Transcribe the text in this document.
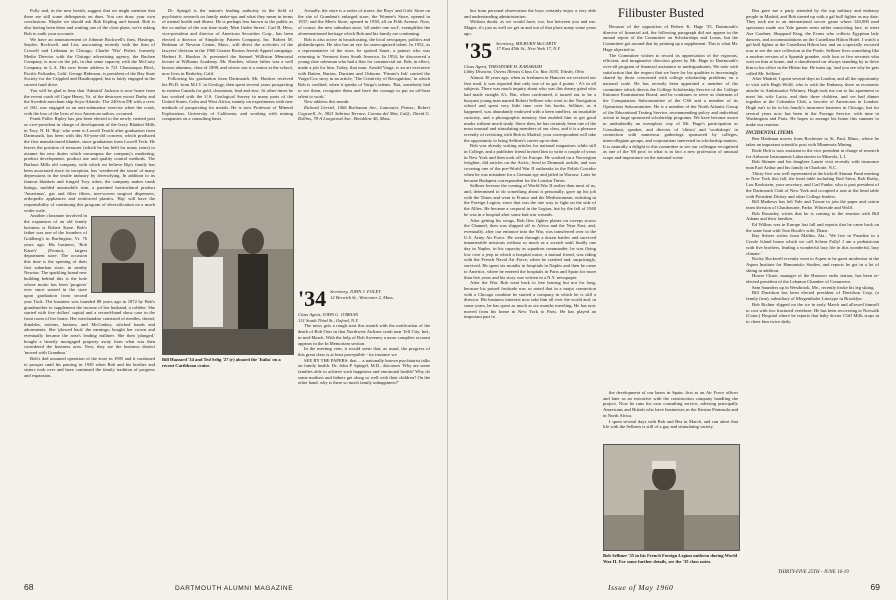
Polly and, in the next breath, suggest that we might mention that there are still some delinquents on dues. You can draw your own conclusions. Maybe we should ask Bob Kipling and hound. Bob is also having been there and waiting one of the close plans, we're asking Bob to audit your accounts.

We have an announcement of Johnnie Rockwell's firm, Hastings, Snyder, Rockwell, and List, associating recently with the firm of Crowell and Leibman in Chicago. Charlie 'Wiz' Fisher, formerly Media Director with the Chicago advertising agency, the Buchen Company, is now on the job, in that same capacity with the McCarty Company in L.A. His new home address is 721 Chautauqua Blvd., Pacific Palisades, Calif. George Ridenour, is president of the Bay State Society for the Crippled and Handicapped, but is fairly engaged in the current fund drive.

You will be glad to hear that 'Admiral' Jackson is now home from the recent crash off Cape Henry, Va. of the destroyer escort Darby and the Swedish merchant ship Soya-Atlantic. The 240-ton DE with a crew of 160, was engaged in an anti-submarine exercise when the crash, with the loss of the lives of two American sailors, occurred.

Frank Fuller Ripley has just been elected to the newly created post as vice-president in charge of development of the Ivory Blanket Mills in Troy, N. H. 'Rip', who went to Lowell Textile after graduation from Dartmouth, has been with this 94-year-old concern, which produced the first manufactured blanket, since graduation from Lowell Tech. He leaves the position of treasurer (which he has held for many years) to assume his new duties which encompass the company's marketing, product development, product use and quality control methods. The Barbara Mills old company, with which we believe Rip's family has been associated since its inception, has 'weathered the storm' of many depressions in the textile industry by diversifying. In addition to its famous blankets and fringed Troy robes, the company makes trunk linings, molded automobile trim, a patented horticultural product 'Amerimas', gas and filter filters, non-woven surgical dispensers, orthopedic appliances and reinforced plastics. 'Rip' will have the responsibility of continuing this program of diversification on a much wider scale.

Another classmate involved in the expansion of an old family business is Robert Kane. Bob's father was one of the founders of Goldberg's in Burlington, Vt. 76 years ago. His business, 'Bob Kane's' (Promo), largest department store. The occasion this time is the opening of their first suburban store, in nearby Newton. The sparkling brand new building behind this is the hole whose motto has been 'progress' ever since started in the store upon graduation from second year Tuck. The business was founded 88 years ago in 1872 by Bob's grandmother to supplement the income of her husband, a cobbler. She started with five dollars' capital and a second-hand show case in the front room of her home. Her merchandise consisted of needles, thread, thimbles, notions, buttons, and McConkey, stitched bands and adornments. She 'plowed back' the earnings; bought her crown and eventually became the area's leading milliner. She then 'plunged,' bought a heavily mortgaged property away from what was then considered the business area. Now, they are the business district 'moved with Grandma.'

Bob's dad assumed operation of the store in 1905 and it continued to prosper until his passing in 1939 when Bob and his brother and sisters took over and have continued the family tradition of progress and expansion.

Dr. Spiegal is the nation's leading authority in the field of psychiatric research on family make-ups and what they mean in terms of mental health and illness. He is perhaps less known to the public as the co-author of the war time study 'Men Under Stress'. Carl B. Hess, vice-president and director of American Securities Corp., has been elected a director of Simplicity Pattern Company, Inc. Robert M. Redman of Newton Center, Mass., will direct the activities of the lawyers' division in the 1960 Greater Boston Jewish Appeal campaign. Herbert E. Hawkes Jr. presented the Samuel Williston Memorial lecture at Williams Academy. Mr. Hawkes, whose father was a well known alumnus, class of 1898, and whose son is a senior at the school, now lives in Berkeley, Calif.

Following his graduation from Dartmouth, Mr. Hawkes received his Ph.D. from M.I.T. in Geology, then spent several years prospecting in eastern Canada for gold, chromium, lead and zinc. At other times he has worked with the U.S. Geological Survey in many parts of the United States, Cuba and West Africa, mainly on experiments with new methods of prospecting for metals. He is now Professor of Mineral Exploration, University of California, and working with mining companies on a consulting basis.

Bill Hazzard '34 and Ted Selig '27 (r) aboard the 'Italia' on a recent Caribbean cruise.

Actually, the store is a series of stores: the Boys' and Girls' Store on the site of Grandma's enlarged store; the Women's Store, opened in 1937; and the Men's Store, opened in 1958, all on Fifth Avenue. Now, of course, the new suburban store, 'all under one roof', exemplifies the aforementioned heritage which Bob and his family are continuing.

Bob is also active in broadcasting, the local newspaper, politics and philanthropies. He also has an eye for unrecognized talent. In 1952, as a representative of the store, he spotted Sauer, a painter who was returning to Vermont from South America. In 1954, he discovered a young shoe salesman who had a flair for commercial art. Bob, in effect, made a job for him. Today, that man, Arnold Varga, is an art executive with Batten, Barton, Durstine and Osborne. 'Printer's Ink' carried the Varga-Cox story in an article, 'The Creativity of Recognition,' in which Bob is credited, when it speaks of Varga's talents. 'But, somebody had to see them, recognize them and have the courage to put an off-beat talent to work.'

New address this month:

Richard Gerstel, 1066 Buchanan Ave., Lancaster, Penna.; Robert Cogswell, Jr., 3821 Sabrina Terrace, Corona del Mar, Calif.; David G. Rollins, 78-A Longwood Ave., Brookline 46, Mass.

'34 Secretary, JOHN J. FOLEY
12 Berwick St., Worcester 2, Mass.
Class Agent, JOHN G. O'BRIAN
131 South Third St., Oxford, N.Y.

The news gets a rough start this month with the notification of the death of Bob Oser in that Northwest Airlines crash near Tell City, Ind., in mid-March. With the help of Bob Sweeney a more complete account appears in the In Memoriam section.

In the meeting vein, it would seem that, as usual, the progress of this great class is at least perceptible - for instance we

SEE BY THE PAPERS: that ... a nationally known psychiatrist talks on family health. Dr. John P. Spiegel, M.D., discusses 'Why are some families able to achieve such happiness and emotional health? Why do some mothers and fathers get along so well with their children? On the other hand, why is there so much family unhappiness?'

68	DARTMOUTH ALUMNI MAGAZINE

but from personal observation the boys certainly enjoy a very able and understanding administration.

Without doubt, as we would have, too, but between you and me, Magee, it's just as well we get in and out of that place many some years ago.

'35 Secretary, MILBURN McCARTY
17 East 45th St., New York 17, N.Y.
Class Agent, THEODORE H. KARABASH
Libby Division, Owens Illinois Glass Co. Box 1035, Toledo, Ohio

Almost 30 years ago, when as freshmen in Hanover we received our first mail, it was reported that only one of us got 4 points - A's in all subjects. There was much inquiry about who was this dreary grind who had made straight A's. But, when confronted, it turned out to be a buoyant young man named Robert Selliner who went to the Navigation school and spent very little time over his books. Selliner, as it happened, was abundantly endowed with a keen intellect, an insatiable curiosity, and a photographic memory that enabled him to get good marks without much study. Since then, he has certainly been one of the most unusual and stimulating members of our class, and it is a pleasure recently of revisiting with Bob in Madrid, your correspondent will take the opportunity to bring Selliner's career up-to-date.

Bob was already writing articles for national magazines while still in College, and a publisher friend invited him to write a couple of years in New York and then took off for Europe. He worked on a Norwegian freighter, did articles on the Arctic, lived in Denmark awhile, and was covering one of the pre-World War II outbreaks in the Polish Corridor when he was mistaken for a German spy and jailed in Warsaw. Later he became Budapest correspondent for the London Times.

Selliner foresaw the coming of World War II earlier than most of us, and, determined to do something about it personally, gave up his job with the Times and went to France and the Mediterranean, enlisting in the Foreign Legion, since that was the one way to fight on the side of the Allies. He became a corporal in the Legion, but by the fall of 1940 he was in a hospital after some bad war wounds.

After getting his wings, Bob flew fighter planes on sweeps across the Channel, then was shipped off to Africa and the Near East, and, eventually, after our entrance into the War, was transferred over to the U.S. Army Air Force. He went through a dozen battles and survived innumerable missions without so much as a scratch until finally one day in Naples, in his capacity as squadron commander, he was flying low over a jeep in which a hospital nurse, a mutual friend, was riding with the French Naval Air Force, when he crashed and, surprisingly, survived. He spent six months in hospitals in Naples and then he came to America, where he entered the hospitals in Paris and Spain for more than five years and his story was written in a N.Y. newspaper.

After the War, Bob went back to free lancing but not for long, because his poised fortitude was so noted that in a major connection with a Chicago combine he started a company in which he is still a director. His business interests now take him all over the world and, in some years, he has spent as much as six months traveling. He has now moved from his home in New York to Paris. He has played an important part in

Filibuster Busted

Because of the opposition of Robert K. Hage '35, Dartmouth's director of financial aid, the following paragraph did not appear in the annual report of the Committee on Scholarships and Loans, but the Committee got around that by printing up a supplement. This is what Mr. Hage objected to:

The Committee wishes to record its appreciation of the vigorous, efficient, and imaginative direction given by Mr. Hage to Dartmouth's over-all program of financial assistance to undergraduates. We note with satisfaction that the respect that we have for his qualities is increasingly shared by those concerned with college scholarship problems on a national scale. He has recently been appointed a member of the committee which directs the College Scholarship Service of the College Entrance Examination Board, and he continues to serve as chairman of the Computation Subcommittee of the CSS and a member of its Operations Subcommittee. He is a member of the North Atlantic Group of the Educational Testing Service, recommending policy and individual action to large sponsored scholarship programs. We have become aware in undoubtedly an exemplary way of Mr. Hage's participation as Consultant, speaker, and director of 'clinics' and 'workshops' in connection with numerous gatherings sponsored by colleges, intercollegiate groups, and corporations interested in scholarship matters. It is naturally a delight to this committee to see our colleague recognized as one of the '68 pros' in what is in fact a new profession of unusual scope and importance on the national scene.

the development of our bases in Spain, first as an Air Force officer and later as an executive with the construction company handling the project. Now he runs his own consulting service, advising principally Americans and British who have businesses in the Iberian Peninsula and in North Africa.

I spent several days with Bob and Bea in March, and can attest that life with the Sellners is still of a gay and stimulating variety.

Bob Selliner '35 in his French Foreign Legion uniform during World War II. For some further details, see the '35 class notes.

Bea gave me a party attended by the top military and embassy people in Madrid, and Bob turned up with a gal bull fighter as my date. They took me to an international soccer game where 120,000 mad spectators made our Yale games seem rather unexciting fare, to meet Ava Gardner, Sheppard King, the Evans who collects Egyptian lady dancers, and accommodations on the Castellana Hilton Hotel. I watch a gal bull fighter at the Castellana Hilton bar; and on a specially escorted tour to see the rare collection at the Prado. Selliner lives something like a modern version of a Spanish grandee, with four or five servants who wait on him at home, and a chauffeured car always standing by to drive him to his office in the Hilton bar. He turns up, 'and you see why he gets called Mr. Selliner.'

After Madrid, I spent several days in London, and all the opportunity to visit with Hugh Wolff, who is with the Embassy there as economic attache to Ambassador Whitney. Hugh took me out to his apartment to meet his wife Lucia, and their three children, and we had dinner together at the Columbia Club, a favorite of Americans in London. Hugh isn't to be in his family's insurance business in Chicago, but for several years now has been in the Foreign Service, with time in Washington and Paris. He hopes to arrange his home this summer to make our reunion.

INCIDENTAL ITEMS

Ben Hardman moves from Rochester to St. Paul, Minn., where he takes an important scientific post with Minnesota Mining.

Rode Holt is now assistant to the vice president in charge of research for Airborne Instruments Laboratories in Mineola, L.I.

Bob Skinner and his daughter Laurie visit recently with insurance man Earl Arthur and his family in Charlotte, N.C.

Thirty-five was well represented at the kickoff Alumni Fund meeting in New York this fall, the head table including Rod Stern, Bob Rothy, Lou Bookstein, your secretary, and Carl Funke, who is past president of the Dartmouth Club of New York and occupied a seat at the head table with President Dickey and other College leaders.

Bill Mathews has left Yale and Towne to join the paper and carton team division of Chaubourne, Parke, Whiteside and Wolff.

Bob Rounsley writes that he is coming to the reunion with Bill Adams and their families.

Ed Willms was in Europe last fall and reports that he came back on the same boat with Tom Booth's wife, Diane.

Ray Scheer writes from Malibu, Ala.: 'We live in Paradise in a Creole Island house which we call Schear Folly! I am a pediatrician with five brothers, leading a wonderful lazy life in this wonderful, lazy climate.'

Rocky Rockwell recently went to Aspen to be guest moderator at the Aspen Institute for Humanistic Studies, and reports he got in a lot of skiing in addition.

Howie Chase, manager of the Hanover radio station, has been re-elected president of the Lebanon Chamber of Commerce.

Sam Saunders up in Westbrook, Me., recently broke his leg skiing.

Bill Davidson has been elected president of Davidson Corp. (a family firm), subsidiary of Mergenthaler Linotype in Brooklyn.

Bob Richter slipped on the ice in early March and allowed himself to cost with two fractured vertebrae. He has been recovering at Norwalk (Conn.) Hospital where he reports that baby doctor Cliff Mills stops in to cheer him twice daily.

THIRTY-FIVE 25TH - JUNE 16-19
Issue of May 1960	69
